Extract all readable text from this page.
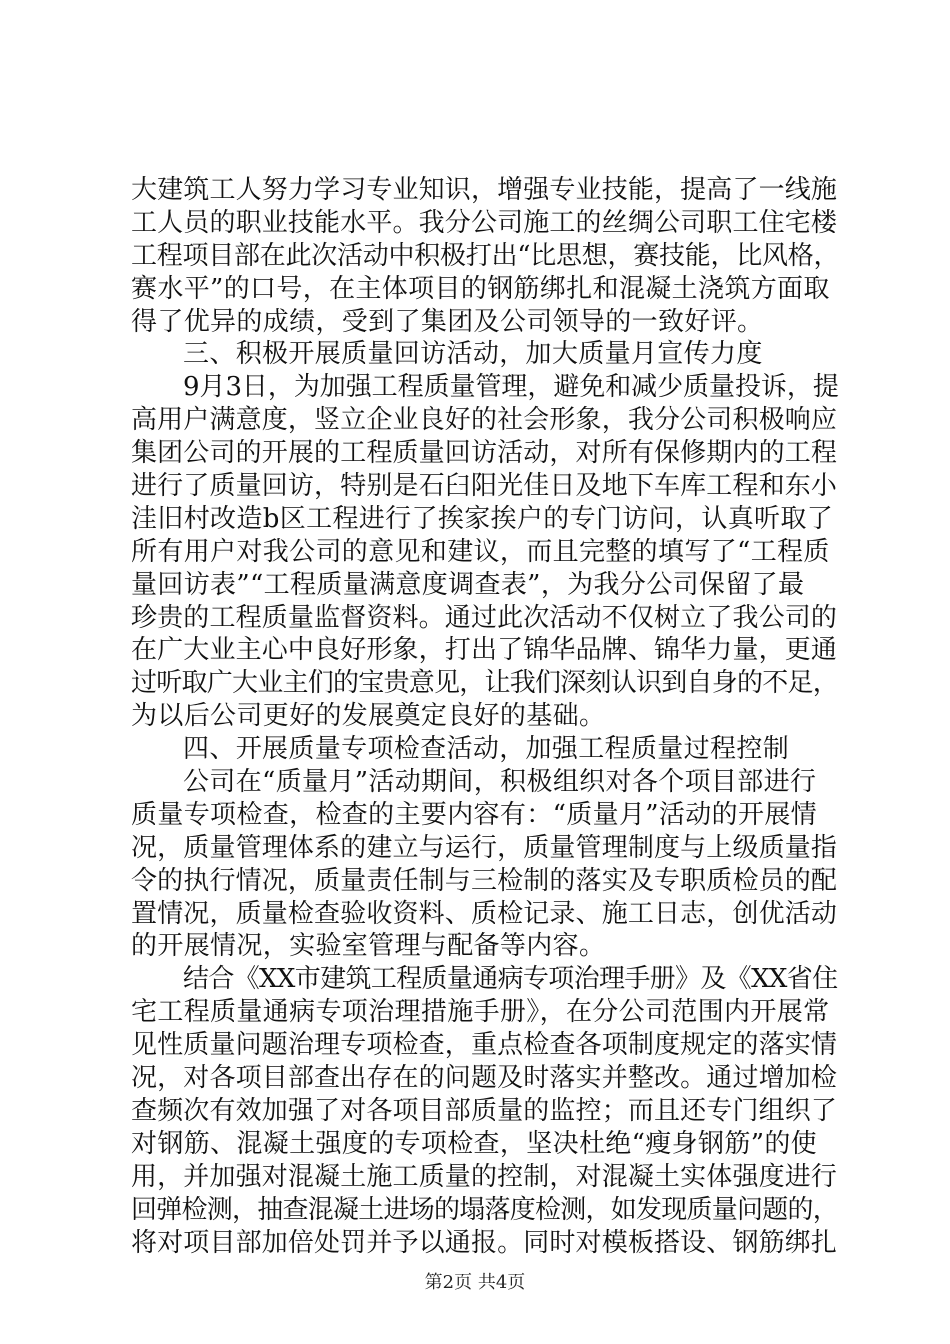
大建筑工人努力学习专业知识，增强专业技能，提高了一线施
工人员的职业技能水平。我分公司施工的丝绸公司职工住宅楼
工程项目部在此次活动中积极打出“比思想，赛技能，比风格，
赛水平”的口号，在主体项目的钢筋绑扎和混凝土浇筑方面取
得了优异的成绩，受到了集团及公司领导的一致好评。
三、积极开展质量回访活动，加大质量月宣传力度
9月3日，为加强工程质量管理，避免和减少质量投诉，提
高用户满意度，竖立企业良好的社会形象，我分公司积极响应
集团公司的开展的工程质量回访活动，对所有保修期内的工程
进行了质量回访，特别是石臼阳光佳日及地下车库工程和东小
洼旧村改造b区工程进行了挨家挨户的专门访问，认真听取了
所有用户对我公司的意见和建议，而且完整的填写了“工程质
量回访表”“工程质量满意度调查表”，为我分公司保留了最
珍贵的工程质量监督资料。通过此次活动不仅树立了我公司的
在广大业主心中良好形象，打出了锦华品牌、锦华力量，更通
过听取广大业主们的宝贵意见，让我们深刻认识到自身的不足，
为以后公司更好的发展奠定良好的基础。
四、开展质量专项检查活动，加强工程质量过程控制
公司在“质量月”活动期间，积极组织对各个项目部进行
质量专项检查，检查的主要内容有：“质量月”活动的开展情
况，质量管理体系的建立与运行，质量管理制度与上级质量指
令的执行情况，质量责任制与三检制的落实及专职质检员的配
置情况，质量检查验收资料、质检记录、施工日志，创优活动
的开展情况，实验室管理与配备等内容。
结合《XX市建筑工程质量通病专项治理手册》及《XX省住
宅工程质量通病专项治理措施手册》，在分公司范围内开展常
见性质量问题治理专项检查，重点检查各项制度规定的落实情
况，对各项目部查出存在的问题及时落实并整改。通过增加检
查频次有效加强了对各项目部质量的监控；而且还专门组织了
对钢筋、混凝土强度的专项检查，坚决杜绝“瘦身钢筋”的使
用，并加强对混凝土施工质量的控制，对混凝土实体强度进行
回弹检测，抽查混凝土进场的塌落度检测，如发现质量问题的，
将对项目部加倍处罚并予以通报。同时对模板搭设、钢筋绑扎
第2页 共4页
